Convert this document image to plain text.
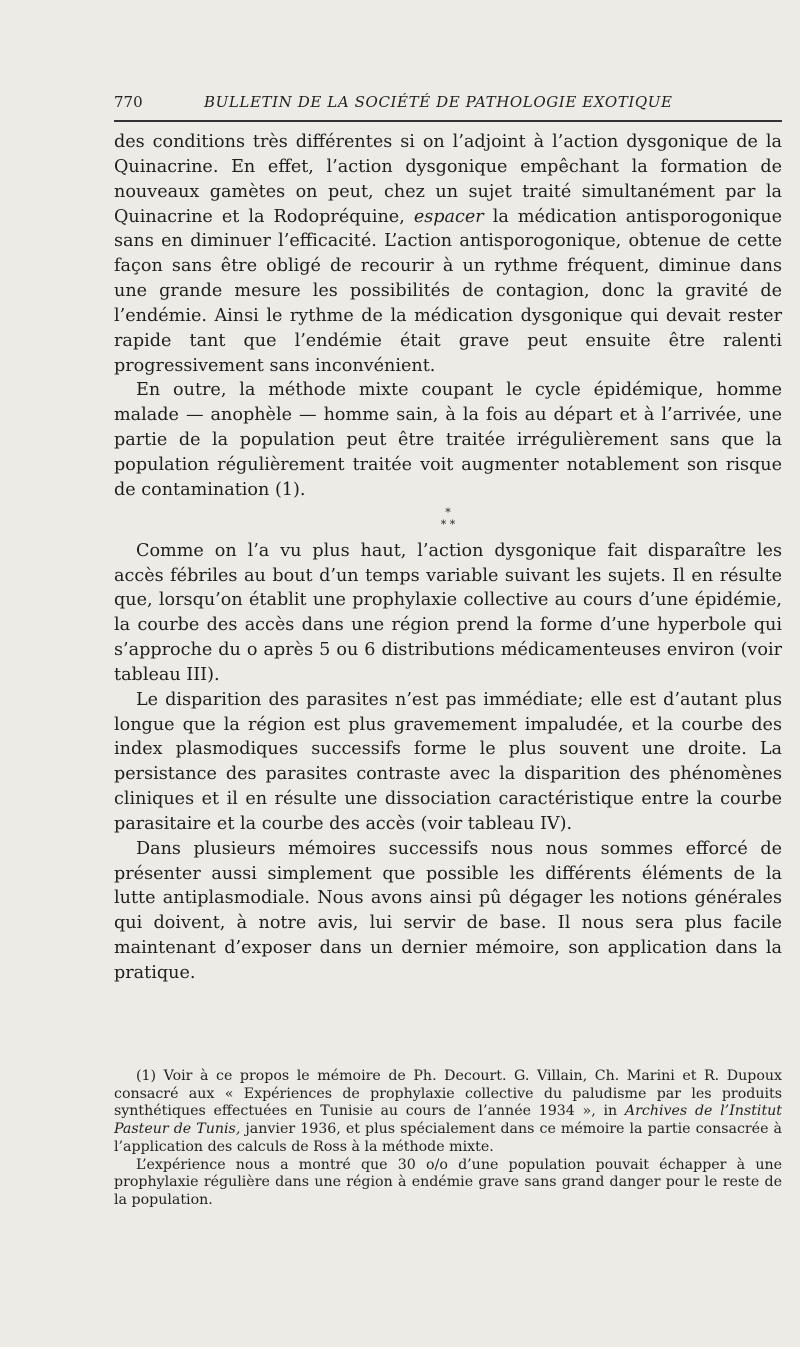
770	BULLETIN DE LA SOCIÉTÉ DE PATHOLOGIE EXOTIQUE

des conditions très différentes si on l’adjoint à l’action dysgonique de la Quinacrine. En effet, l’action dysgonique empêchant la formation de nouveaux gamètes on peut, chez un sujet traité simultanément par la Quinacrine et la Rodopréquine, espacer la médication antisporogonique sans en diminuer l’efficacité. L’action antisporogonique, obtenue de cette façon sans être obligé de recourir à un rythme fréquent, diminue dans une grande mesure les possibilités de contagion, donc la gravité de l’endémie. Ainsi le rythme de la médication dysgonique qui devait rester rapide tant que l’endémie était grave peut ensuite être ralenti progressivement sans inconvénient.

En outre, la méthode mixte coupant le cycle épidémique, homme malade — anophèle — homme sain, à la fois au départ et à l’arrivée, une partie de la population peut être traitée irrégulièrement sans que la population régulièrement traitée voit augmenter notablement son risque de contamination (1).

*
* *

Comme on l’a vu plus haut, l’action dysgonique fait disparaître les accès fébriles au bout d’un temps variable suivant les sujets. Il en résulte que, lorsqu’on établit une prophylaxie collective au cours d’une épidémie, la courbe des accès dans une région prend la forme d’une hyperbole qui s’approche du o après 5 ou 6 distributions médicamenteuses environ (voir tableau III).

Le disparition des parasites n’est pas immédiate; elle est d’autant plus longue que la région est plus gravemement impaludée, et la courbe des index plasmodiques successifs forme le plus souvent une droite. La persistance des parasites contraste avec la disparition des phénomènes cliniques et il en résulte une dissociation caractéristique entre la courbe parasitaire et la courbe des accès (voir tableau IV).

Dans plusieurs mémoires successifs nous nous sommes efforcé de présenter aussi simplement que possible les différents éléments de la lutte antiplasmodiale. Nous avons ainsi pû dégager les notions générales qui doivent, à notre avis, lui servir de base. Il nous sera plus facile maintenant d’exposer dans un dernier mémoire, son application dans la pratique.

(1) Voir à ce propos le mémoire de Ph. Decourt. G. Villain, Ch. Marini et R. Dupoux consacré aux « Expériences de prophylaxie collective du paludisme par les produits synthétiques effectuées en Tunisie au cours de l’année 1934 », in Archives de l’Institut Pasteur de Tunis, janvier 1936, et plus spécialement dans ce mémoire la partie consacrée à l’application des calculs de Ross à la méthode mixte.

L’expérience nous a montré que 30 o/o d’une population pouvait échapper à une prophylaxie régulière dans une région à endémie grave sans grand danger pour le reste de la population.
